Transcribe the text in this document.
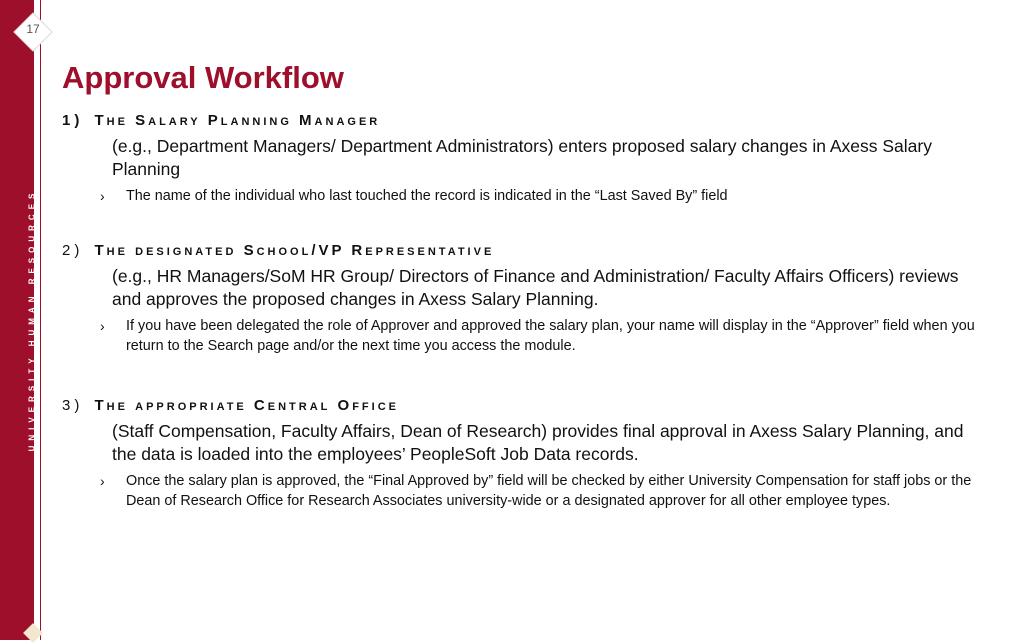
UNIVERSITY HUMAN RESOURCES
17
Approval Workflow
1) The Salary Planning Manager
(e.g., Department Managers/ Department Administrators) enters proposed salary changes in Axess Salary Planning
› The name of the individual who last touched the record is indicated in the “Last Saved By” field
2) The designated School/VP Representative
(e.g., HR Managers/SoM HR Group/ Directors of Finance and Administration/ Faculty Affairs Officers) reviews and approves the proposed changes in Axess Salary Planning.
› If you have been delegated the role of Approver and approved the salary plan, your name will display in the “Approver” field when you return to the Search page and/or the next time you access the module.
3) The appropriate Central Office
(Staff Compensation, Faculty Affairs, Dean of Research) provides final approval in Axess Salary Planning, and the data is loaded into the employees’ PeopleSoft Job Data records.
› Once the salary plan is approved, the “Final Approved by” field will be checked by either University Compensation for staff jobs or the Dean of Research Office for Research Associates university-wide or a designated approver for all other employee types.
